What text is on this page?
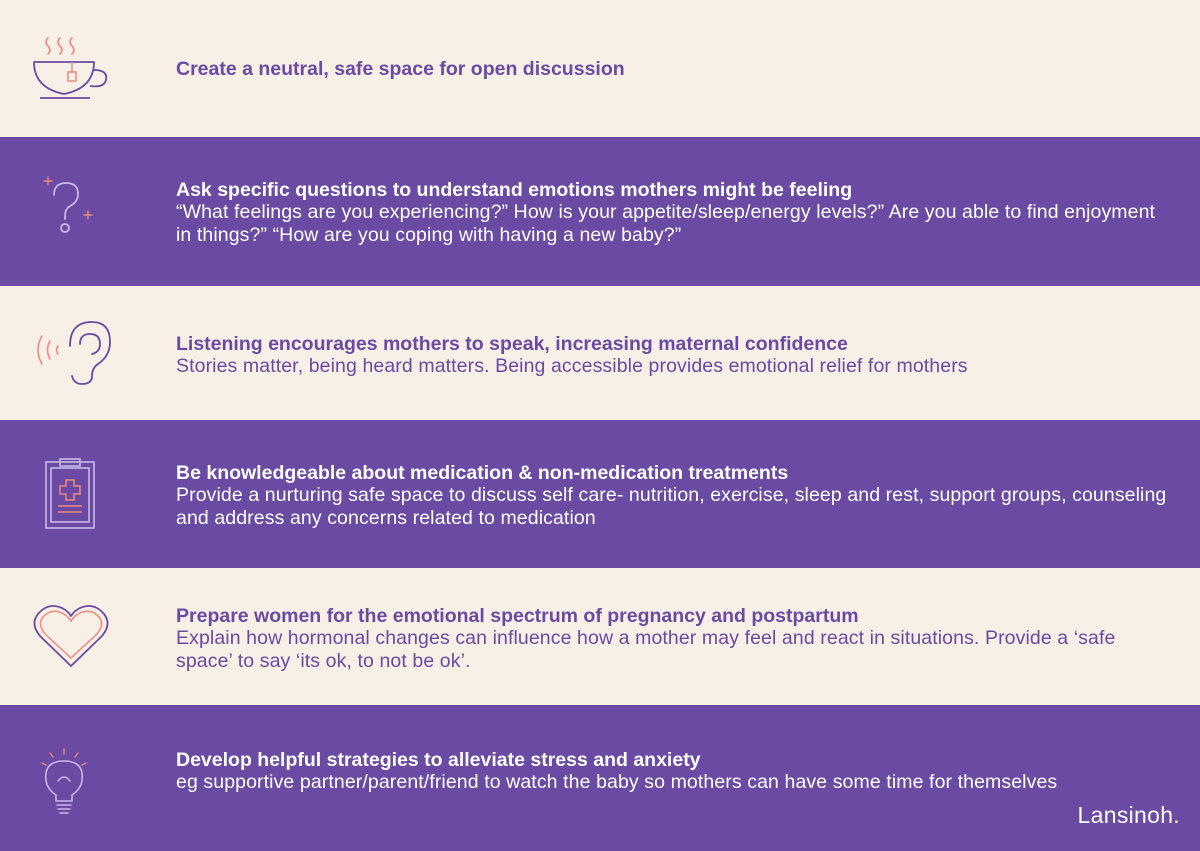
Create a neutral, safe space for open discussion

Ask specific questions to understand emotions mothers might be feeling

“What feelings are you experiencing?” How is your appetite/sleep/energy levels?” Are you able to find enjoyment in things?” “How are you coping with having a new baby?”

Listening encourages mothers to speak, increasing maternal confidence

Stories matter, being heard matters. Being accessible provides emotional relief for mothers

Be knowledgeable about medication & non-medication treatments

Provide a nurturing safe space to discuss self care- nutrition, exercise, sleep and rest, support groups, counseling and address any concerns related to medication

Prepare women for the emotional spectrum of pregnancy and postpartum

Explain how hormonal changes can influence how a mother may feel and react in situations. Provide a ‘safe space’ to say ‘its ok, to not be ok’.

Develop helpful strategies to alleviate stress and anxiety

eg supportive partner/parent/friend to watch the baby so mothers can have some time for themselves

Lansinoh.
